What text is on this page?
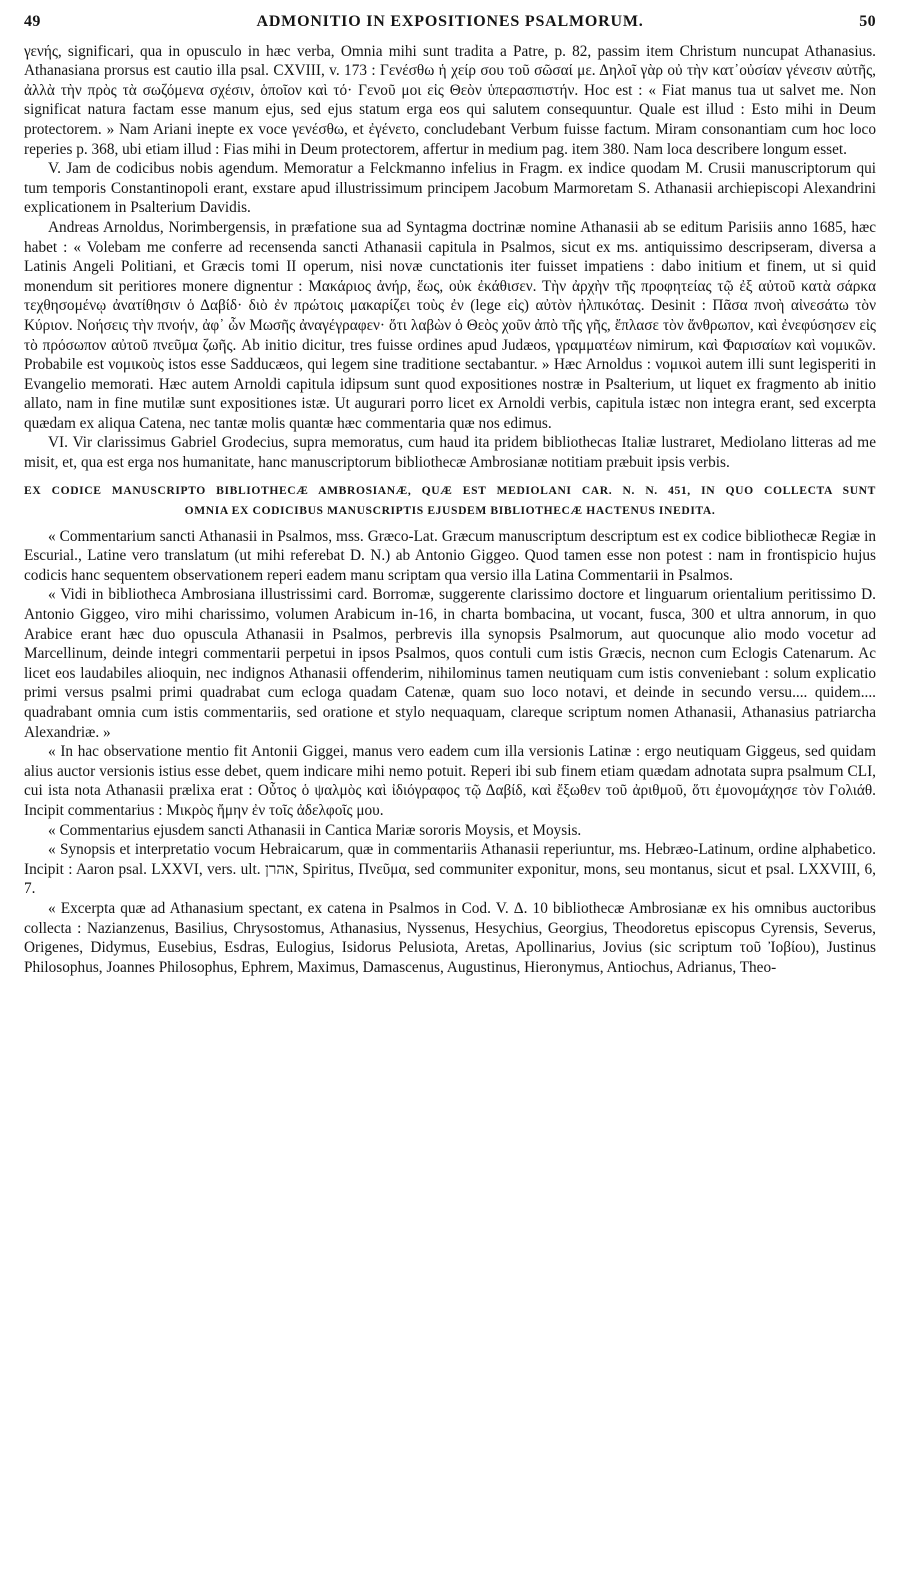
49	ADMONITIO IN EXPOSITIONES PSALMORUM.	50

γενής, significari, qua in opusculo in hæc verba, Omnia mihi sunt tradita a Patre, p. 82, passim item Christum nuncupat Athanasius. Athanasiana prorsus est cautio illa psal. CXVIII, v. 173 : Γενέσθω ἡ χείρ σου τοῦ σῶσαί με. Δηλοῖ γὰρ οὐ τὴν κατ᾿οὐσίαν γένεσιν αὐτῆς, ἀλλὰ τὴν πρὸς τὰ σωζόμενα σχέσιν, ὁποῖον καὶ τό· Γενοῦ μοι εἰς Θεὸν ὑπερασπιστήν. Hoc est : « Fiat manus tua ut salvet me. Non significat natura factam esse manum ejus, sed ejus statum erga eos qui salutem consequuntur. Quale est illud : Esto mihi in Deum protectorem. » Nam Ariani inepte ex voce γενέσθω, et ἐγένετο, concludebant Verbum fuisse factum. Miram consonantiam cum hoc loco reperies p. 368, ubi etiam illud : Fias mihi in Deum protectorem, affertur in medium pag. item 380. Nam loca describere longum esset.

V. Jam de codicibus nobis agendum. Memoratur a Felckmanno infelius in Fragm. ex indice quodam M. Crusii manuscriptorum qui tum temporis Constantinopoli erant, exstare apud illustrissimum principem Jacobum Marmoretam S. Athanasii archiepiscopi Alexandrini explicationem in Psalterium Davidis.

Andreas Arnoldus, Norimbergensis, in præfatione sua ad Syntagma doctrinæ nomine Athanasii ab se editum Parisiis anno 1685, hæc habet : « Volebam me conferre ad recensenda sancti Athanasii capitula in Psalmos, sicut ex ms. antiquissimo descripseram, diversa a Latinis Angeli Politiani, et Græcis tomi II operum, nisi novæ cunctationis iter fuisset impatiens : dabo initium et finem, ut si quid monendum sit peritiores monere dignentur : Μακάριος ἀνήρ, ἕως, οὐκ ἐκάθισεν. Τὴν ἀρχὴν τῆς προφητείας τῷ ἐξ αὐτοῦ κατὰ σάρκα τεχθησομένῳ ἀνατίθησιν ὁ Δαβίδ· διὸ ἐν πρώτοις μακαρίζει τοὺς ἐν (lege εἰς) αὐτὸν ἠλπικότας. Desinit : Πᾶσα πνοὴ αἰνεσάτω τὸν Κύριον. Νοήσεις τὴν πνοήν, ἀφ᾿ ὧν Μωσῆς ἀναγέγραφεν· ὅτι λαβὼν ὁ Θεὸς χοῦν ἀπὸ τῆς γῆς, ἔπλασε τὸν ἄνθρωπον, καὶ ἐνεφύσησεν εἰς τὸ πρόσωπον αὐτοῦ πνεῦμα ζωῆς. Ab initio dicitur, tres fuisse ordines apud Judæos, γραμματέων nimirum, καὶ Φαρισαίων καὶ νομικῶν. Probabile est νομικοὺς istos esse Sadducæos, qui legem sine traditione sectabantur. » Hæc Arnoldus : νομικοὶ autem illi sunt legisperiti in Evangelio memorati. Hæc autem Arnoldi capitula idipsum sunt quod expositiones nostræ in Psalterium, ut liquet ex fragmento ab initio allato, nam in fine mutilæ sunt expositiones istæ. Ut augurari porro licet ex Arnoldi verbis, capitula istæc non integra erant, sed excerpta quædam ex aliqua Catena, nec tantæ molis quantæ hæc commentaria quæ nos edimus.

VI. Vir clarissimus Gabriel Grodecius, supra memoratus, cum haud ita pridem bibliothecas Italiæ lustraret, Mediolano litteras ad me misit, et, qua est erga nos humanitate, hanc manuscriptorum bibliothecæ Ambrosianæ notitiam præbuit ipsis verbis.

EX CODICE MANUSCRIPTO BIBLIOTHECÆ AMBROSIANÆ, QUÆ EST MEDIOLANI CAR. N. N. 451, IN QUO COLLECTA SUNT
OMNIA EX CODICIBUS MANUSCRIPTIS EJUSDEM BIBLIOTHECÆ HACTENUS INEDITA.

« Commentarium sancti Athanasii in Psalmos, mss. Græco-Lat. Græcum manuscriptum descriptum est ex codice bibliothecæ Regiæ in Escurial., Latine vero translatum (ut mihi referebat D. N.) ab Antonio Giggeo. Quod tamen esse non potest : nam in frontispicio hujus codicis hanc sequentem observationem reperi eadem manu scriptam qua versio illa Latina Commentarii in Psalmos.

« Vidi in bibliotheca Ambrosiana illustrissimi card. Borromæ, suggerente clarissimo doctore et linguarum orientalium peritissimo D. Antonio Giggeo, viro mihi charissimo, volumen Arabicum in-16, in charta bombacina, ut vocant, fusca, 300 et ultra annorum, in quo Arabice erant hæc duo opuscula Athanasii in Psalmos, perbrevis illa synopsis Psalmorum, aut quocunque alio modo vocetur ad Marcellinum, deinde integri commentarii perpetui in ipsos Psalmos, quos contuli cum istis Græcis, necnon cum Eclogis Catenarum. Ac licet eos laudabiles alioquin, nec indignos Athanasii offenderim, nihilominus tamen neutiquam cum istis conveniebant : solum explicatio primi versus psalmi primi quadrabat cum ecloga quadam Catenæ, quam suo loco notavi, et deinde in secundo versu.... quidem.... quadrabant omnia cum istis commentariis, sed oratione et stylo nequaquam, clareque scriptum nomen Athanasii, Athanasius patriarcha Alexandriæ. »

« In hac observatione mentio fit Antonii Giggei, manus vero eadem cum illa versionis Latinæ : ergo neutiquam Giggeus, sed quidam alius auctor versionis istius esse debet, quem indicare mihi nemo potuit. Reperi ibi sub finem etiam quædam adnotata supra psalmum CLI, cui ista nota Athanasii prælixa erat : Οὗτος ὁ ψαλμὸς καὶ ἰδιόγραφος τῷ Δαβίδ, καὶ ἔξωθεν τοῦ ἀριθμοῦ, ὅτι ἐμονομάχησε τὸν Γολιάθ. Incipit commentarius : Μικρὸς ἤμην ἐν τοῖς ἀδελφοῖς μου.

« Commentarius ejusdem sancti Athanasii in Cantica Mariæ sororis Moysis, et Moysis.

« Synopsis et interpretatio vocum Hebraicarum, quæ in commentariis Athanasii reperiuntur, ms. Hebræo-Latinum, ordine alphabetico. Incipit : Aaron psal. LXXVI, vers. ult. אהרן, Spiritus, Πνεῦμα, sed communiter exponitur, mons, seu montanus, sicut et psal. LXXVIII, 6, 7.

« Excerpta quæ ad Athanasium spectant, ex catena in Psalmos in Cod. V. Δ. 10 bibliothecæ Ambrosianæ ex his omnibus auctoribus collecta : Nazianzenus, Basilius, Chrysostomus, Athanasius, Nyssenus, Hesychius, Georgius, Theodoretus episcopus Cyrensis, Severus, Origenes, Didymus, Eusebius, Esdras, Eulogius, Isidorus Pelusiota, Aretas, Apollinarius, Jovius (sic scriptum τοῦ Ἰοβίου), Justinus Philosophus, Joannes Philosophus, Ephrem, Maximus, Damascenus, Augustinus, Hieronymus, Antiochus, Adrianus, Theo-
